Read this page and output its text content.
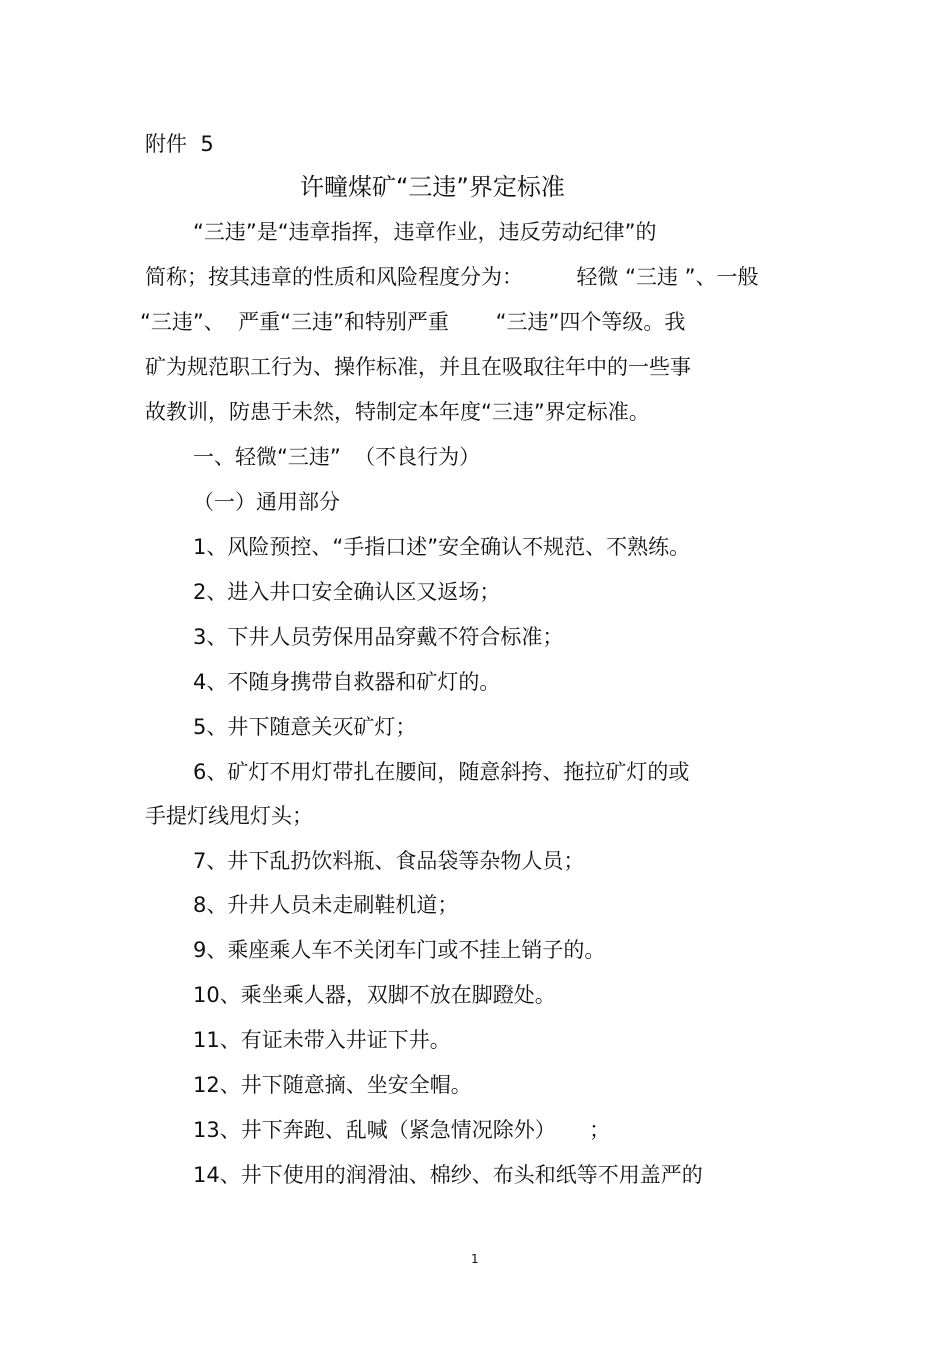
附件  5

许疃煤矿“三违”界定标准

“三违”是“违章指挥，违章作业，违反劳动纪律”的

简称；按其违章的性质和风险程度分为：        轻微 “三违 ”、一般

“三违”、  严重“三违”和特别严重       “三违”四个等级。我

矿为规范职工行为、操作标准，并且在吸取往年中的一些事

故教训，防患于未然，特制定本年度“三违”界定标准。

一、轻微“三违”  （不良行为）

（一）通用部分

1、风险预控、“手指口述”安全确认不规范、不熟练。

2、进入井口安全确认区又返场；

3、下井人员劳保用品穿戴不符合标准；

4、不随身携带自救器和矿灯的。

5、井下随意关灭矿灯；

6、矿灯不用灯带扎在腰间，随意斜挎、拖拉矿灯的或

手提灯线甩灯头；

7、井下乱扔饮料瓶、食品袋等杂物人员；

8、升井人员未走刷鞋机道；

9、乘座乘人车不关闭车门或不挂上销子的。

10、乘坐乘人器，双脚不放在脚蹬处。

11、有证未带入井证下井。

12、井下随意摘、坐安全帽。

13、井下奔跑、乱喊（紧急情况除外）     ；

14、井下使用的润滑油、棉纱、布头和纸等不用盖严的

1
